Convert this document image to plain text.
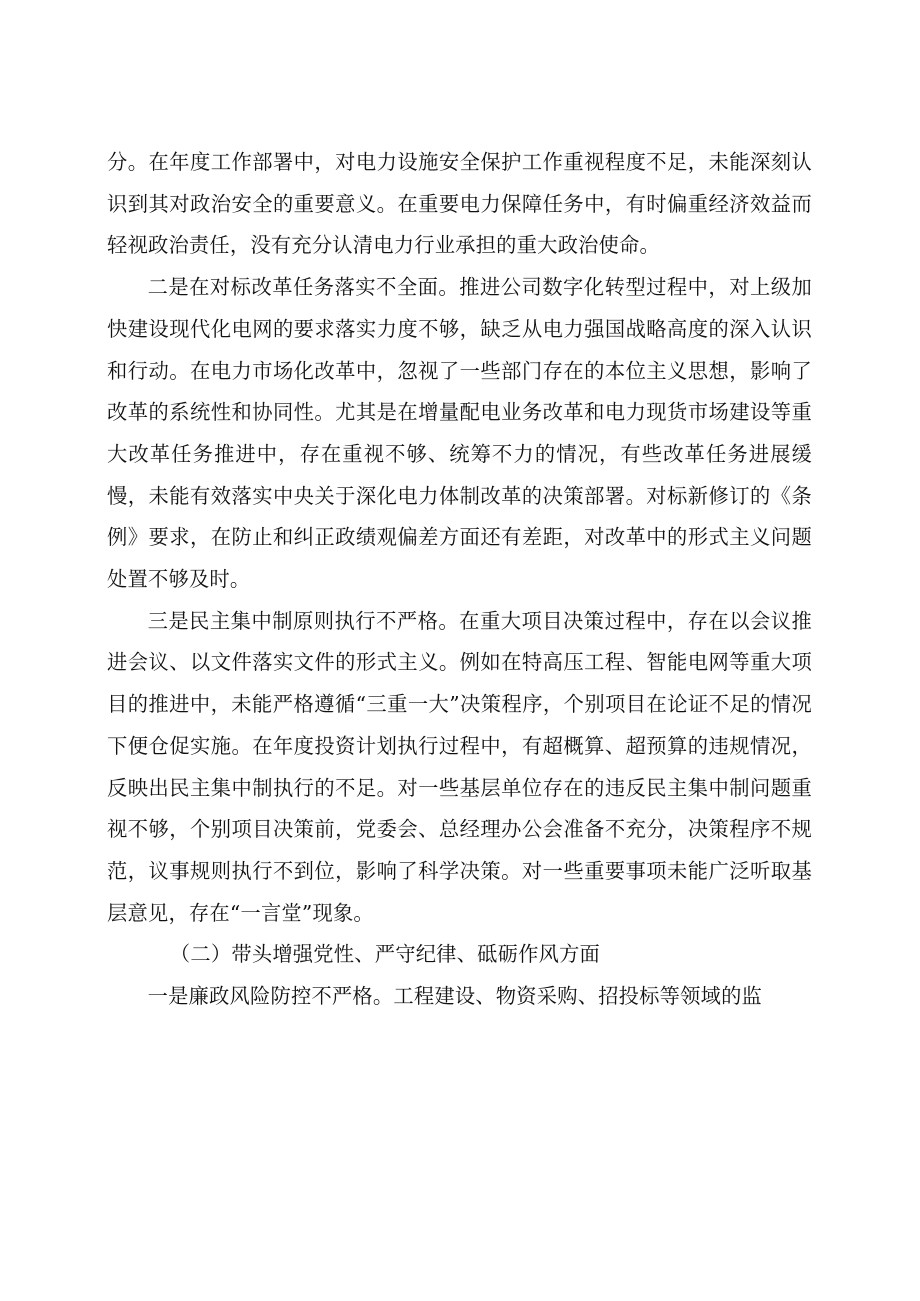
分。在年度工作部署中，对电力设施安全保护工作重视程度不足，未能深刻认识到其对政治安全的重要意义。在重要电力保障任务中，有时偏重经济效益而轻视政治责任，没有充分认清电力行业承担的重大政治使命。

二是在对标改革任务落实不全面。推进公司数字化转型过程中，对上级加快建设现代化电网的要求落实力度不够，缺乏从电力强国战略高度的深入认识和行动。在电力市场化改革中，忽视了一些部门存在的本位主义思想，影响了改革的系统性和协同性。尤其是在增量配电业务改革和电力现货市场建设等重大改革任务推进中，存在重视不够、统筹不力的情况，有些改革任务进展缓慢，未能有效落实中央关于深化电力体制改革的决策部署。对标新修订的《条例》要求，在防止和纠正政绩观偏差方面还有差距，对改革中的形式主义问题处置不够及时。

三是民主集中制原则执行不严格。在重大项目决策过程中，存在以会议推进会议、以文件落实文件的形式主义。例如在特高压工程、智能电网等重大项目的推进中，未能严格遵循“三重一大”决策程序，个别项目在论证不足的情况下便仓促实施。在年度投资计划执行过程中，有超概算、超预算的违规情况，反映出民主集中制执行的不足。对一些基层单位存在的违反民主集中制问题重视不够，个别项目决策前，党委会、总经理办公会准备不充分，决策程序不规范，议事规则执行不到位，影响了科学决策。对一些重要事项未能广泛听取基层意见，存在“一言堂”现象。

（二）带头增强党性、严守纪律、砥砺作风方面

一是廉政风险防控不严格。工程建设、物资采购、招投标等领域的监
